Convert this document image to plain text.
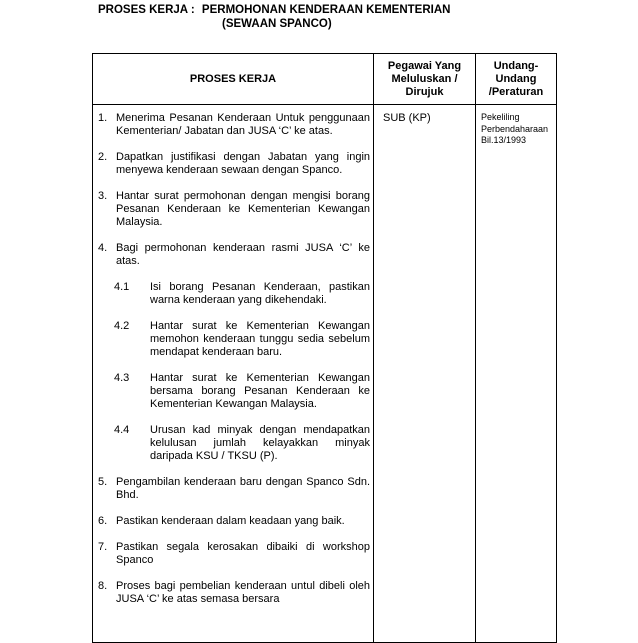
PROSES KERJA : PERMOHONAN KENDERAAN KEMENTERIAN
(SEWAAN SPANCO)
PROSES KERJA
Pegawai Yang Meluluskan / Dirujuk
Undang-Undang /Peraturan
1. Menerima Pesanan Kenderaan Untuk penggunaan Kementerian/ Jabatan dan JUSA ‘C’ ke atas.
2. Dapatkan justifikasi dengan Jabatan yang ingin menyewa kenderaan sewaan dengan Spanco.
3. Hantar surat permohonan dengan mengisi borang Pesanan Kenderaan ke Kementerian Kewangan Malaysia.
4. Bagi permohonan kenderaan rasmi JUSA ‘C’ ke atas.
4.1 Isi borang Pesanan Kenderaan, pastikan warna kenderaan yang dikehendaki.
4.2 Hantar surat ke Kementerian Kewangan memohon kenderaan tunggu sedia sebelum mendapat kenderaan baru.
4.3 Hantar surat ke Kementerian Kewangan bersama borang Pesanan Kenderaan ke Kementerian Kewangan Malaysia.
4.4 Urusan kad minyak dengan mendapatkan kelulusan jumlah kelayakkan minyak daripada KSU / TKSU (P).
5. Pengambilan kenderaan baru dengan Spanco Sdn. Bhd.
6. Pastikan kenderaan dalam keadaan yang baik.
7. Pastikan segala kerosakan dibaiki di workshop Spanco
8. Proses bagi pembelian kenderaan untul dibeli oleh JUSA ‘C’ ke atas semasa bersara
SUB (KP)	Pekeliling Perbendaharaan Bil.13/1993
